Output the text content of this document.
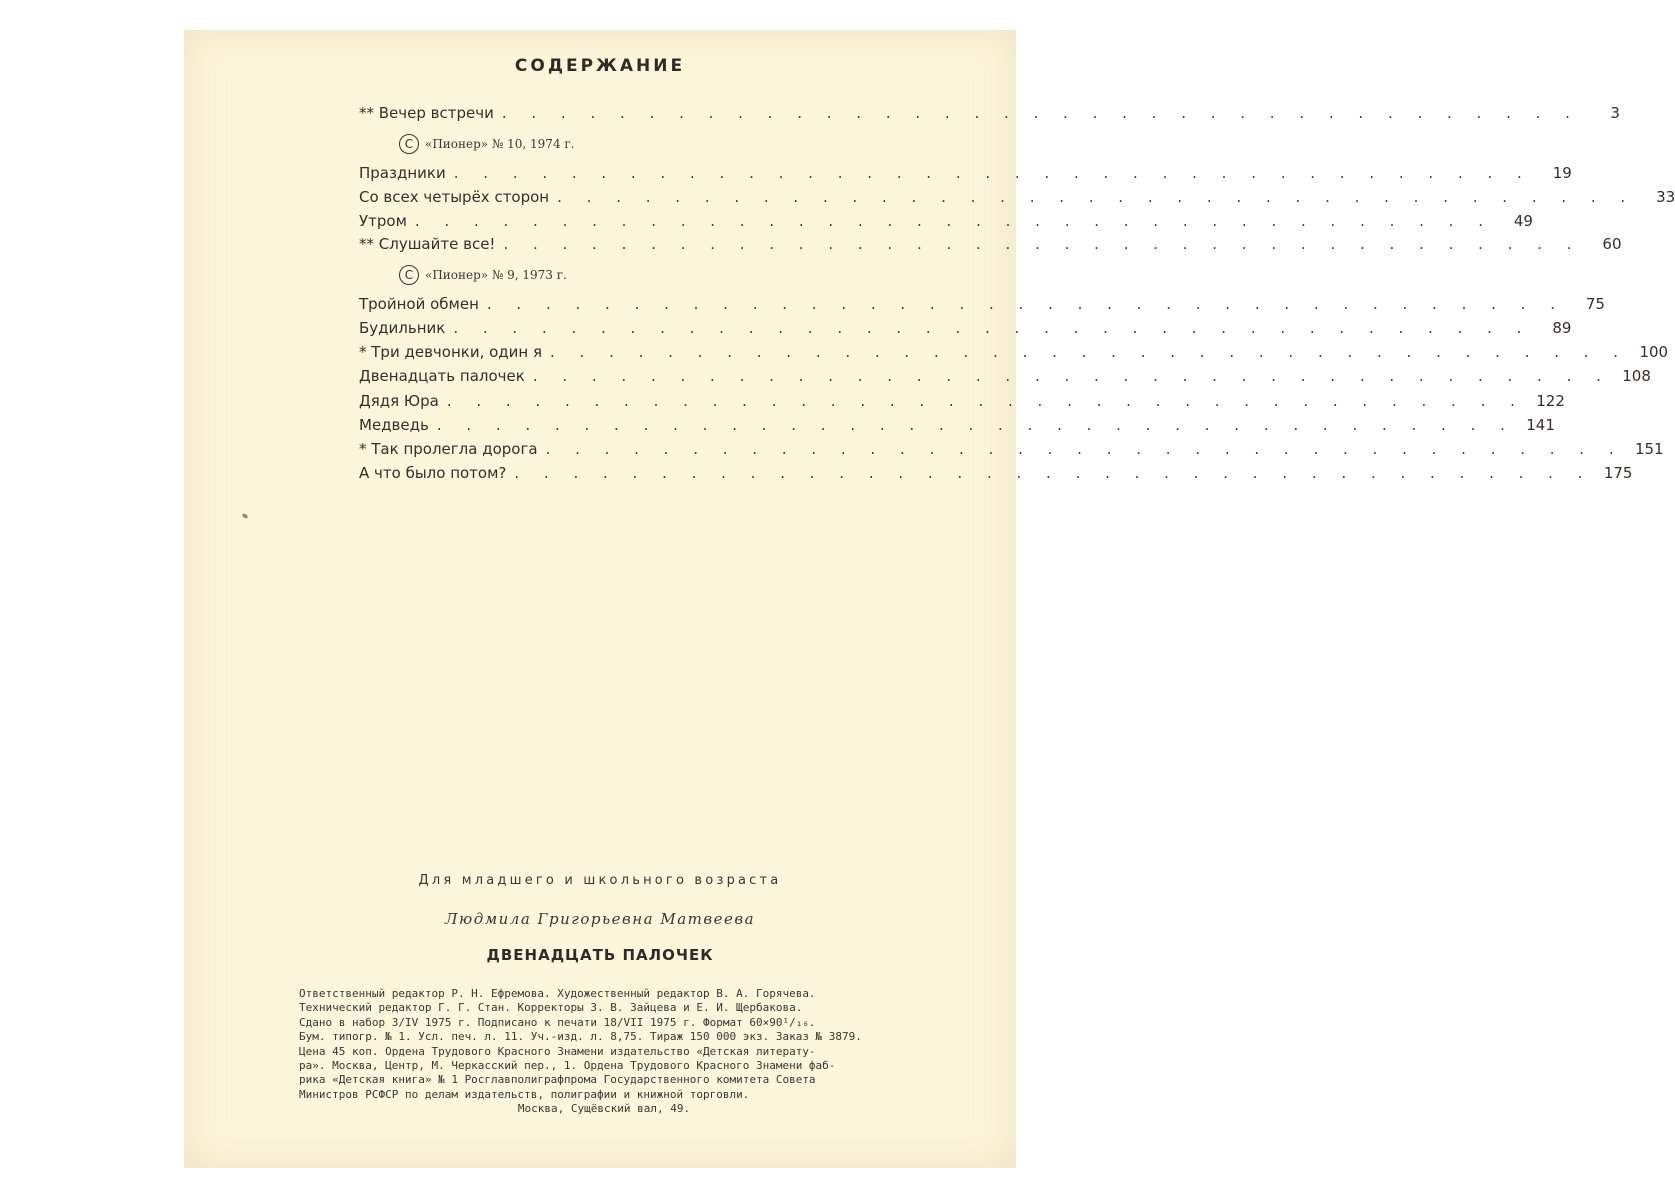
СОДЕРЖАНИЕ
** Вечер встречи . . . . . . . . . . . . . . . . . . . . . . . . . . . . . . . . . . . . .	3
C «Пионер» № 10, 1974 г.
Праздники . . . . . . . . . . . . . . . . . . . . . . . . . . . . . . . . . . . . .	19
Со всех четырёх сторон . . . . . . . . . . . . . . . . . . . . . . . . . . . . . . . . . . . . .	33
Утром . . . . . . . . . . . . . . . . . . . . . . . . . . . . . . . . . . . . .	49
** Слушайте все! . . . . . . . . . . . . . . . . . . . . . . . . . . . . . . . . . . . . .	60
C «Пионер» № 9, 1973 г.
Тройной обмен . . . . . . . . . . . . . . . . . . . . . . . . . . . . . . . . . . . . .	75
Будильник . . . . . . . . . . . . . . . . . . . . . . . . . . . . . . . . . . . . .	89
* Три девчонки, один я . . . . . . . . . . . . . . . . . . . . . . . . . . . . . . . . . . . . . 100
Двенадцать палочек . . . . . . . . . . . . . . . . . . . . . . . . . . . . . . . . . . . . . 108
Дядя Юра . . . . . . . . . . . . . . . . . . . . . . . . . . . . . . . . . . . . . 122
Медведь . . . . . . . . . . . . . . . . . . . . . . . . . . . . . . . . . . . . . 141
* Так пролегла дорога . . . . . . . . . . . . . . . . . . . . . . . . . . . . . . . . . . . . . 151
А что было потом? . . . . . . . . . . . . . . . . . . . . . . . . . . . . . . . . . . . . . 175
Для младшего и школьного возраста
Людмила Григорьевна Матвеева
ДВЕНАДЦАТЬ ПАЛОЧЕК
Ответственный редактор Р. Н. Ефремова. Художественный редактор В. А. Горячева.
Технический редактор Г. Г. Стан. Корректоры З. В. Зайцева и Е. И. Щербакова.
Сдано в набор 3/IV 1975 г. Подписано к печати 18/VII 1975 г. Формат 60×90¹/₁₆.
Бум. типогр. № 1. Усл. печ. л. 11. Уч.-изд. л. 8,75. Тираж 150 000 экз. Заказ № 3879.
Цена 45 коп. Ордена Трудового Красного Знамени издательство «Детская литерату-
ра». Москва, Центр, М. Черкасский пер., 1. Ордена Трудового Красного Знамени фаб-
рика «Детская книга» № 1 Росглавполиграфпрома Государственного комитета Совета
Министров РСФСР по делам издательств, полиграфии и книжной торговли.
Москва, Сущёвский вал, 49.
